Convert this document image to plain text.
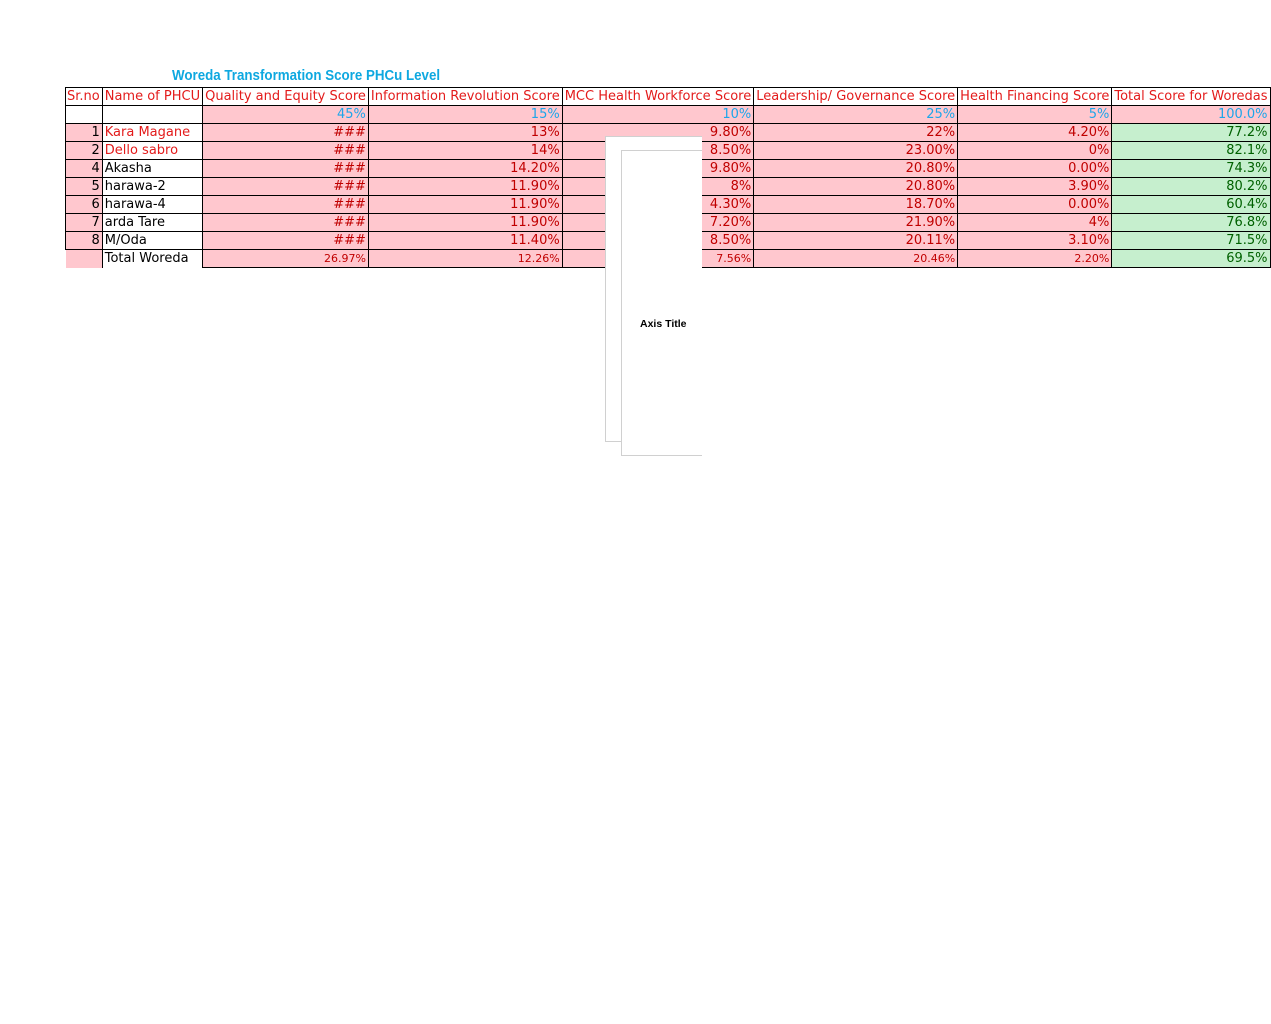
Woreda Transformation Score PHCu Level
Sr.no	Name of PHCU	Quality and Equity Score	Information Revolution Score	MCC Health Workforce Score	Leadership/ Governance Score	Health Financing Score	Total Score for Woredas

		45%	15%	10%	25%	5%	100.0%
1	Kara Magane	###	13%	9.80%	22%	4.20%	77.2%
2	Dello sabro	###	14%	8.50%	23.00%	0%	82.1%
4	Akasha	###	14.20%	9.80%	20.80%	0.00%	74.3%
5	harawa-2	###	11.90%	8%	20.80%	3.90%	80.2%
6	harawa-4	###	11.90%	4.30%	18.70%	0.00%	60.4%
7	arda Tare	###	11.90%	7.20%	21.90%	4%	76.8%
8	M/Oda	###	11.40%	8.50%	20.11%	3.10%	71.5%
	Total Woreda	26.97%	12.26%	7.56%	20.46%	2.20%	69.5%
Axis Title
